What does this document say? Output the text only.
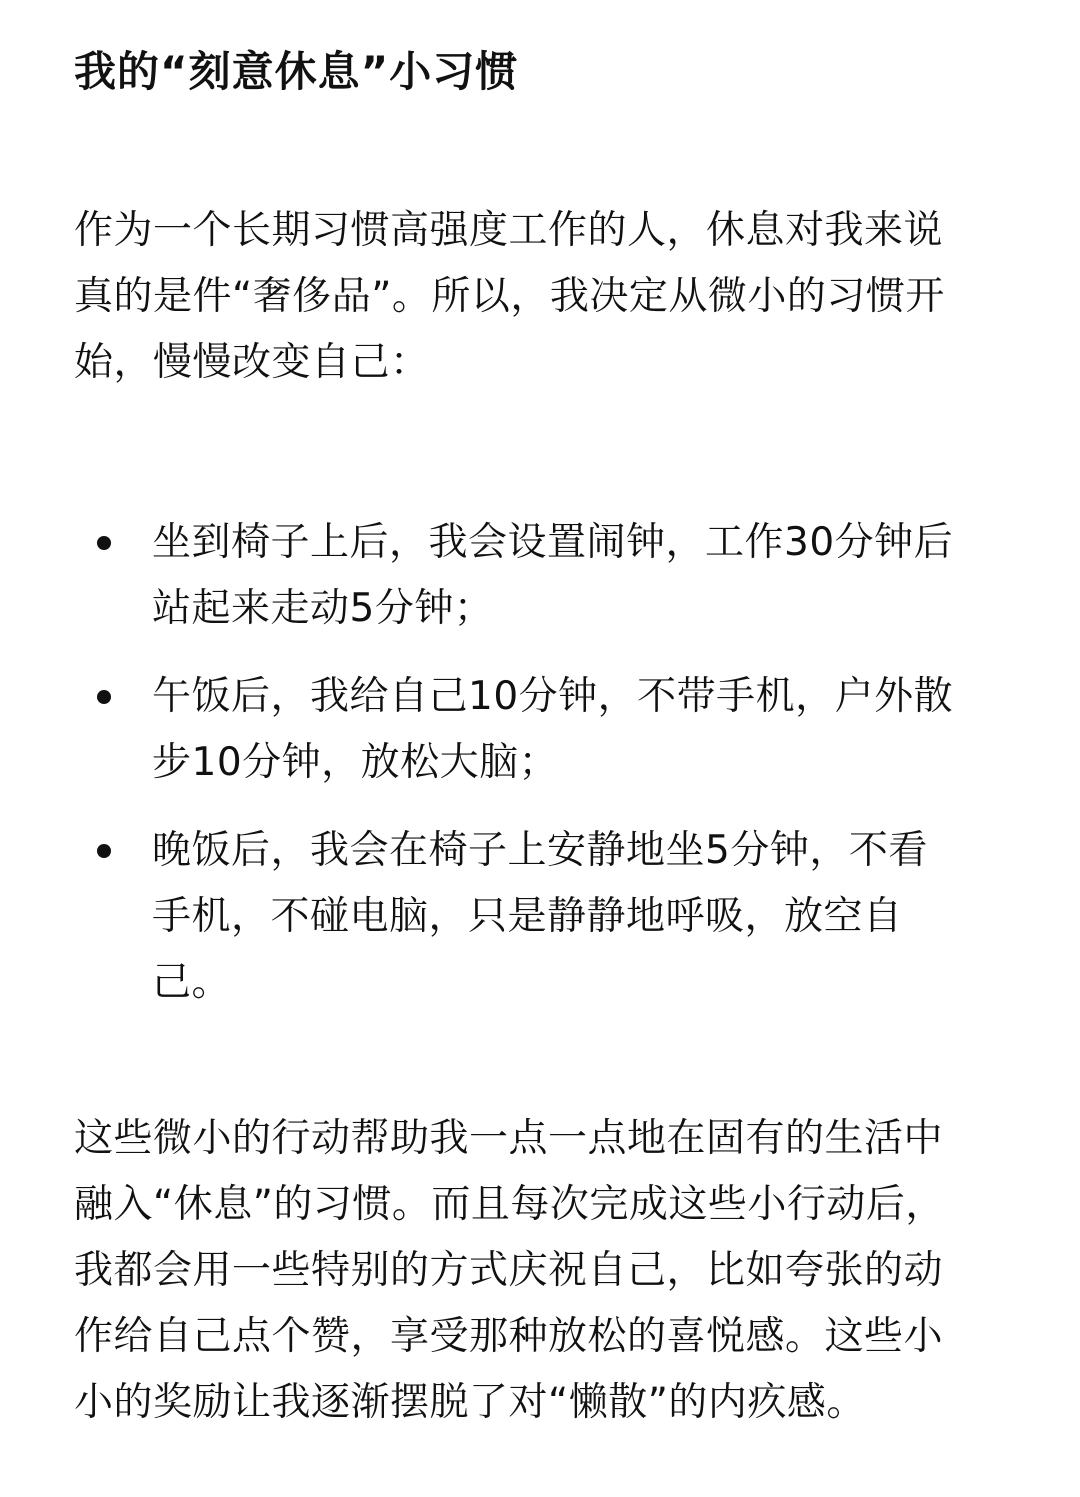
我的“刻意休息”小习惯

作为一个长期习惯高强度工作的人，休息对我来说
真的是件“奢侈品”。所以，我决定从微小的习惯开
始，慢慢改变自己：

坐到椅子上后，我会设置闹钟，工作30分钟后
站起来走动5分钟；
午饭后，我给自己10分钟，不带手机，户外散
步10分钟，放松大脑；
晚饭后，我会在椅子上安静地坐5分钟，不看
手机，不碰电脑，只是静静地呼吸，放空自
己。

这些微小的行动帮助我一点一点地在固有的生活中
融入“休息”的习惯。而且每次完成这些小行动后，
我都会用一些特别的方式庆祝自己，比如夸张的动
作给自己点个赞，享受那种放松的喜悦感。这些小
小的奖励让我逐渐摆脱了对“懒散”的内疚感。
